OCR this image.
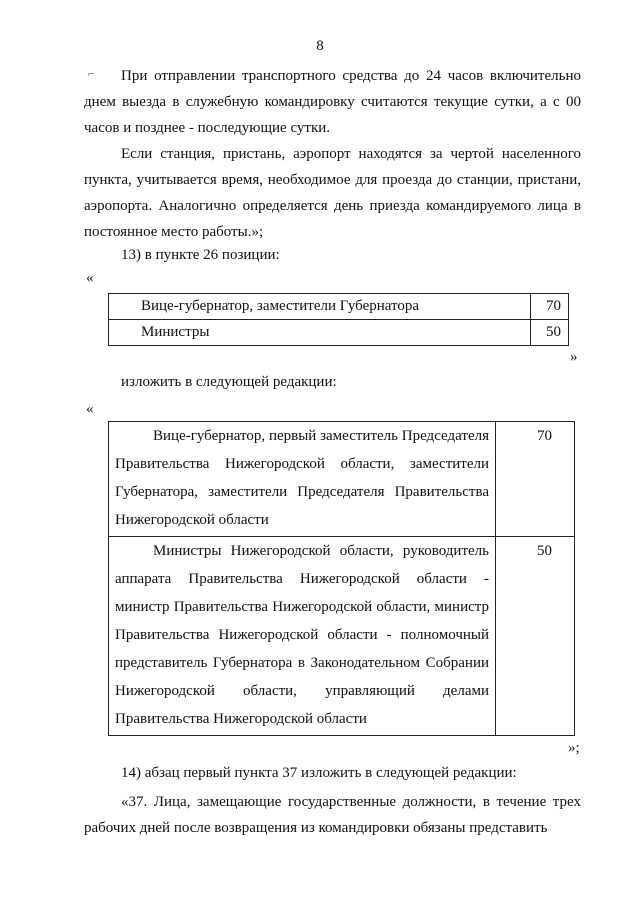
8
⌐	При отправлении транспортного средства до 24 часов включительно днем выезда в служебную командировку считаются текущие сутки, а с 00 часов и позднее - последующие сутки.

Если станция, пристань, аэропорт находятся за чертой населенного пункта, учитывается время, необходимое для проезда до станции, пристани, аэропорта. Аналогично определяется день приезда командируемого лица в постоянное место работы.»;

13) в пункте 26 позиции:

«

Вице-губернатор, заместители Губернатора	70
Министры	50

»

изложить в следующей редакции:

«

Вице-губернатор, первый заместитель Председателя Правительства Нижегородской области, заместители Губернатора, заместители Председателя Правительства Нижегородской области	70
Министры Нижегородской области, руководитель аппарата Правительства Нижегородской области - министр Правительства Нижегородской области, министр Правительства Нижегородской области - полномочный представитель Губернатора в Законодательном Собрании Нижегородской области, управляющий делами Правительства Нижегородской области	50

»;

14) абзац первый пункта 37 изложить в следующей редакции:

«37. Лица, замещающие государственные должности, в течение трех рабочих дней после возвращения из командировки обязаны представить
